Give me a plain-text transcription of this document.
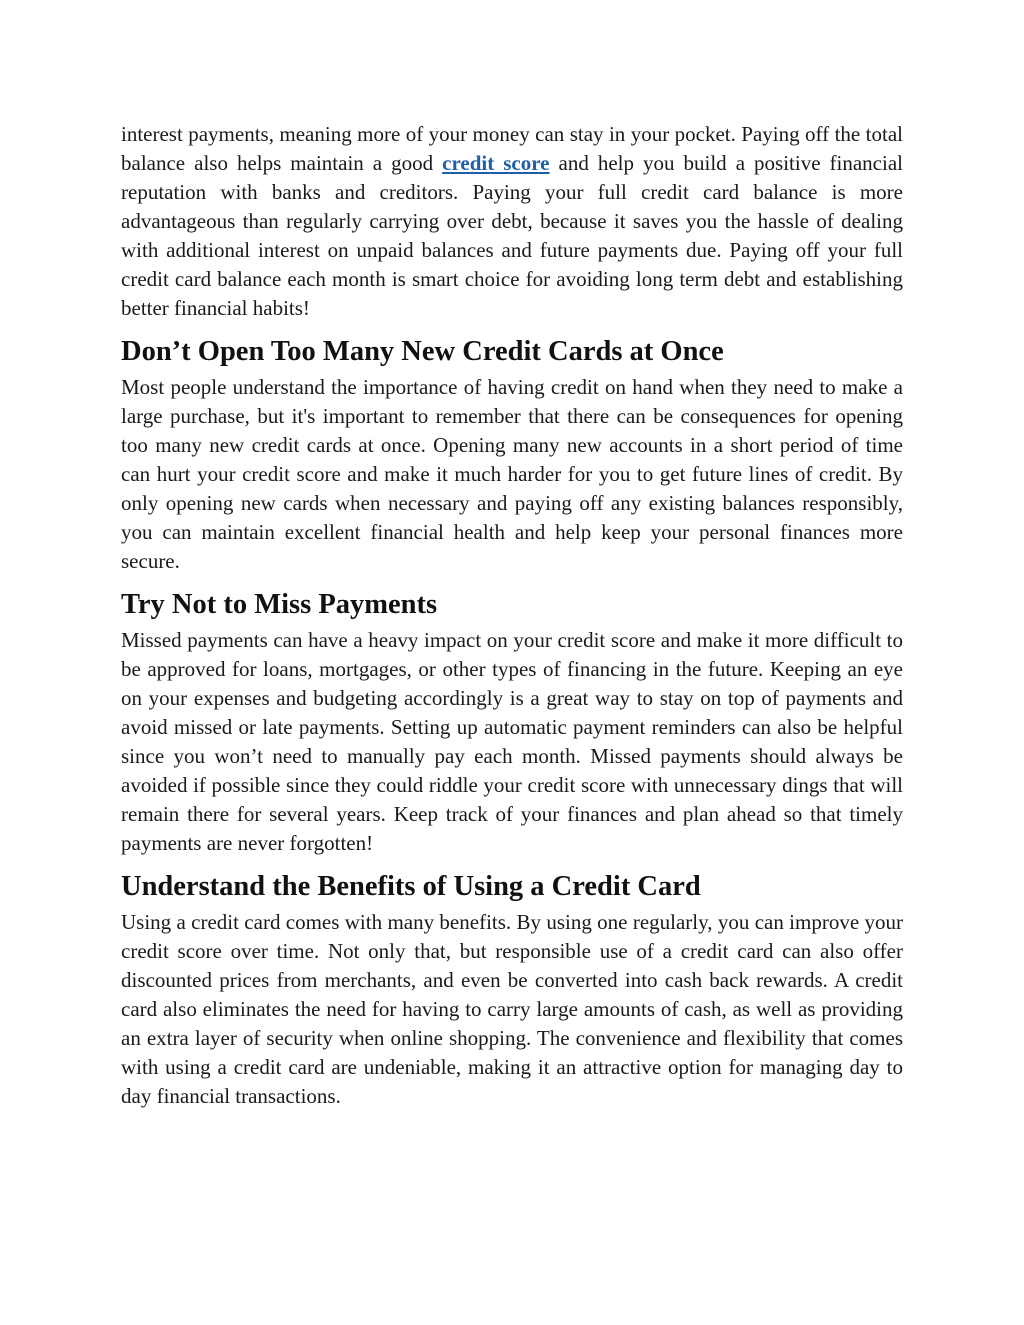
interest payments, meaning more of your money can stay in your pocket. Paying off the total balance also helps maintain a good credit score and help you build a positive financial reputation with banks and creditors. Paying your full credit card balance is more advantageous than regularly carrying over debt, because it saves you the hassle of dealing with additional interest on unpaid balances and future payments due. Paying off your full credit card balance each month is smart choice for avoiding long term debt and establishing better financial habits!

Don’t Open Too Many New Credit Cards at Once

Most people understand the importance of having credit on hand when they need to make a large purchase, but it's important to remember that there can be consequences for opening too many new credit cards at once. Opening many new accounts in a short period of time can hurt your credit score and make it much harder for you to get future lines of credit. By only opening new cards when necessary and paying off any existing balances responsibly, you can maintain excellent financial health and help keep your personal finances more secure.

Try Not to Miss Payments

Missed payments can have a heavy impact on your credit score and make it more difficult to be approved for loans, mortgages, or other types of financing in the future. Keeping an eye on your expenses and budgeting accordingly is a great way to stay on top of payments and avoid missed or late payments. Setting up automatic payment reminders can also be helpful since you won’t need to manually pay each month. Missed payments should always be avoided if possible since they could riddle your credit score with unnecessary dings that will remain there for several years. Keep track of your finances and plan ahead so that timely payments are never forgotten!

Understand the Benefits of Using a Credit Card

Using a credit card comes with many benefits. By using one regularly, you can improve your credit score over time. Not only that, but responsible use of a credit card can also offer discounted prices from merchants, and even be converted into cash back rewards. A credit card also eliminates the need for having to carry large amounts of cash, as well as providing an extra layer of security when online shopping. The convenience and flexibility that comes with using a credit card are undeniable, making it an attractive option for managing day to day financial transactions.
